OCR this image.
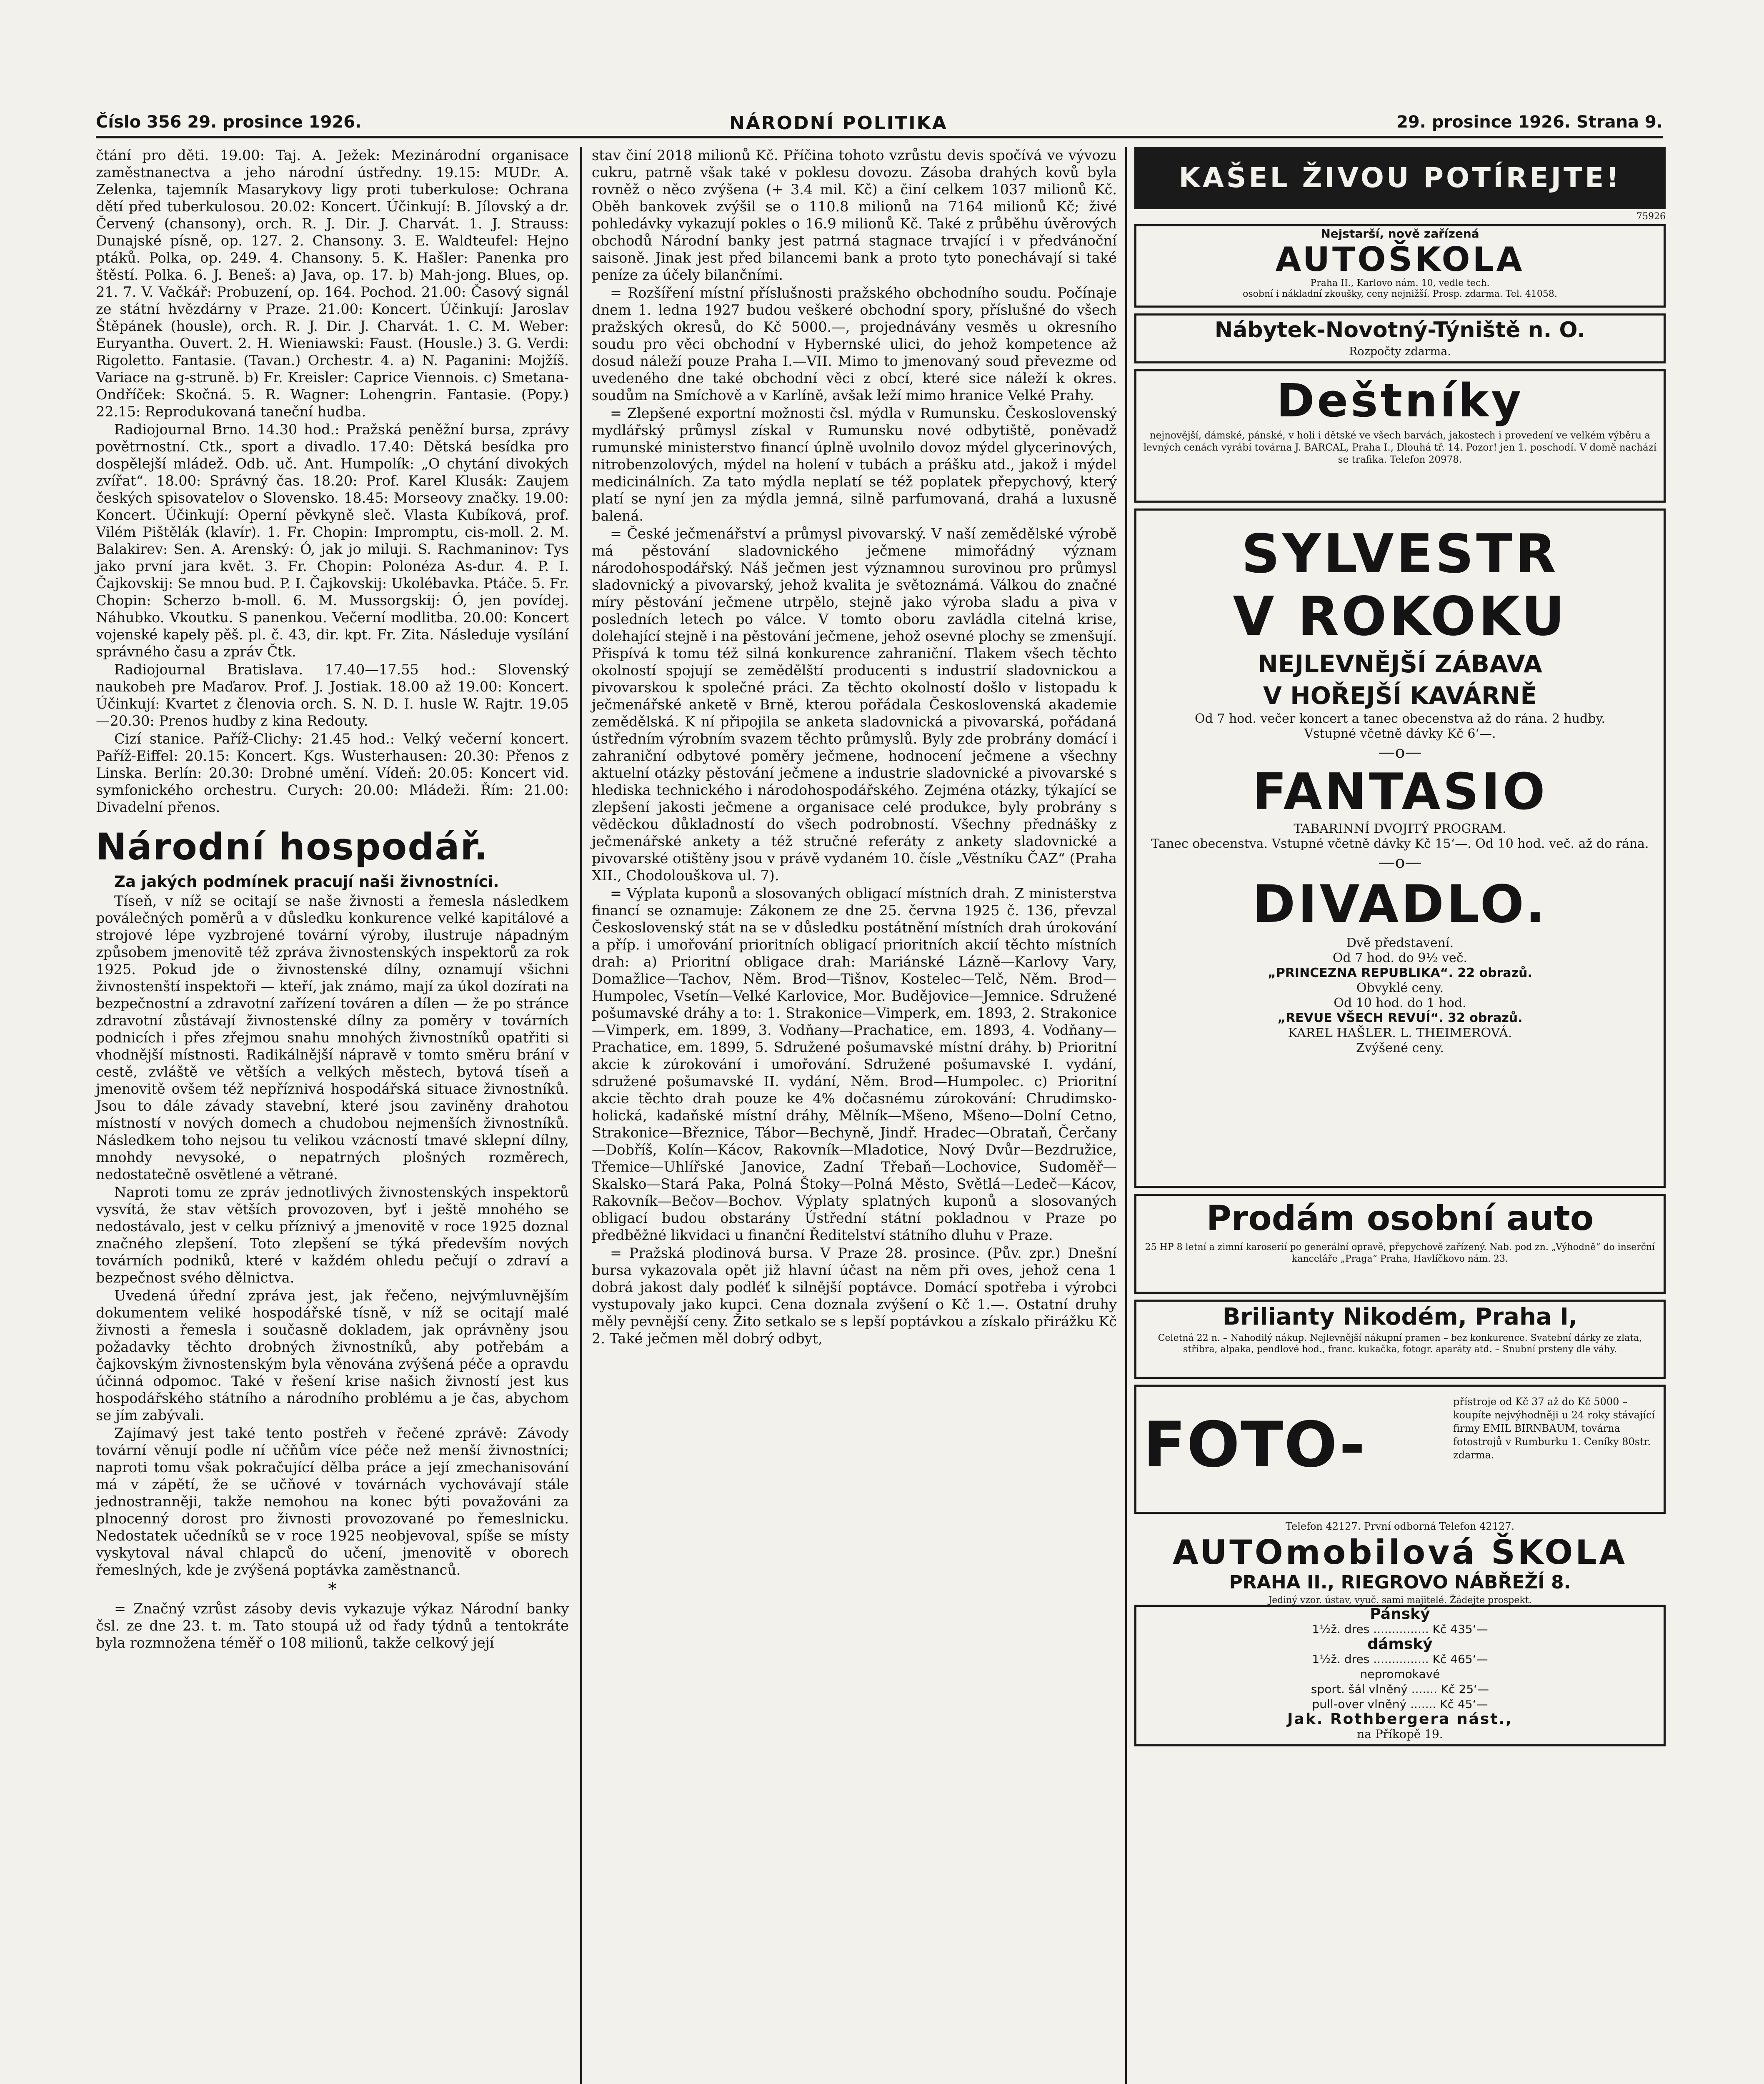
Číslo 356 29. prosince 1926.	NÁRODNÍ POLITIKA	29. prosince 1926. Strana 9.

čtání pro děti. 19.00: Taj. A. Ježek: Mezinárodní organisace zaměstnanectva a jeho národní ústředny. 19.15: MUDr. A. Zelenka, tajemník Masarykovy ligy proti tuberkulose: Ochrana dětí před tuberkulosou. 20.02: Koncert. Účinkují: B. Jílovský a dr. Červený (chansony), orch. R. J. Dir. J. Charvát. 1. J. Strauss: Dunajské písně, op. 127. 2. Chansony. 3. E. Waldteufel: Hejno ptáků. Polka, op. 249. 4. Chansony. 5. K. Hašler: Panenka pro štěstí. Polka. 6. J. Beneš: a) Java, op. 17. b) Mah-jong. Blues, op. 21. 7. V. Vačkář: Probuzení, op. 164. Pochod. 21.00: Časový signál ze státní hvězdárny v Praze. 21.00: Koncert. Účinkují: Jaroslav Štěpánek (housle), orch. R. J. Dir. J. Charvát. 1. C. M. Weber: Euryantha. Ouvert. 2. H. Wieniawski: Faust. (Housle.) 3. G. Verdi: Rigoletto. Fantasie. (Tavan.) Orchestr. 4. a) N. Paganini: Mojžíš. Variace na g-struně. b) Fr. Kreisler: Caprice Viennois. c) Smetana-Ondříček: Skočná. 5. R. Wagner: Lohengrin. Fantasie. (Popy.) 22.15: Reprodukovaná taneční hudba.

Radiojournal Brno. 14.30 hod.: Pražská peněžní bursa, zprávy povětrnostní. Ctk., sport a divadlo. 17.40: Dětská besídka pro dospělejší mládež. Odb. uč. Ant. Humpolík: „O chytání divokých zvířat“. 18.00: Správný čas. 18.20: Prof. Karel Klusák: Zaujem českých spisovatelov o Slovensko. 18.45: Morseovy značky. 19.00: Koncert. Účinkují: Operní pěvkyně sleč. Vlasta Kubíková, prof. Vilém Pištělák (klavír). 1. Fr. Chopin: Impromptu, cis-moll. 2. M. Balakirev: Sen. A. Arenský: Ó, jak jo miluji. S. Rachmaninov: Tys jako první jara květ. 3. Fr. Chopin: Polonéza As-dur. 4. P. I. Čajkovskij: Se mnou bud. P. I. Čajkovskij: Ukolébavka. Ptáče. 5. Fr. Chopin: Scherzo b-moll. 6. M. Mussorgskij: Ó, jen povídej. Náhubko. Vkoutku. S panenkou. Večerní modlitba. 20.00: Koncert vojenské kapely pěš. pl. č. 43, dir. kpt. Fr. Zita. Následuje vysílání správného času a zpráv Čtk.

Radiojournal Bratislava. 17.40—17.55 hod.: Slovenský naukobeh pre Maďarov. Prof. J. Jostiak. 18.00 až 19.00: Koncert. Účinkují: Kvartet z členovia orch. S. N. D. I. husle W. Rajtr. 19.05—20.30: Prenos hudby z kina Redouty.

Cizí stanice. Paříž-Clichy: 21.45 hod.: Velký večerní koncert. Paříž-Eiffel: 20.15: Koncert. Kgs. Wusterhausen: 20.30: Přenos z Linska. Berlín: 20.30: Drobné umění. Vídeň: 20.05: Koncert vid. symfonického orchestru. Curych: 20.00: Mládeži. Řím: 21.00: Divadelní přenos.

Národní hospodář.

Za jakých podmínek pracují naši živnostníci.

Tíseň, v níž se ocitají se naše živnosti a řemesla následkem poválečných poměrů a v důsledku konkurence velké kapitálové a strojové lépe vyzbrojené tovární výroby, ilustruje nápadným způsobem jmenovitě též zpráva živnostenských inspektorů za rok 1925. Pokud jde o živnostenské dílny, oznamují všichni živnostenští inspektoři — kteří, jak známo, mají za úkol dozírati na bezpečnostní a zdravotní zařízení továren a dílen — že po stránce zdravotní zůstávají živnostenské dílny za poměry v továrních podnicích i přes zřejmou snahu mnohých živnostníků opatřiti si vhodnější místnosti. Radikálnější nápravě v tomto směru brání v cestě, zvláště ve větších a velkých městech, bytová tíseň a jmenovitě ovšem též nepříznivá hospodářská situace živnostníků. Jsou to dále závady stavební, které jsou zaviněny drahotou místností v nových domech a chudobou nejmenších živnostníků. Následkem toho nejsou tu velikou vzácností tmavé sklepní dílny, mnohdy nevysoké, o nepatrných plošných rozměrech, nedostatečně osvětlené a větrané.

Naproti tomu ze zpráv jednotlivých živnostenských inspektorů vysvítá, že stav větších provozoven, byť i ještě mnohého se nedostávalo, jest v celku příznivý a jmenovitě v roce 1925 doznal značného zlepšení. Toto zlepšení se týká především nových továrních podniků, které v každém ohledu pečují o zdraví a bezpečnost svého dělnictva.

Uvedená úřední zpráva jest, jak řečeno, nejvýmluvnějším dokumentem veliké hospodářské tísně, v níž se ocitají malé živnosti a řemesla i současně dokladem, jak oprávněny jsou požadavky těchto drobných živnostníků, aby potřebám a čajkovským živnostenským byla věnována zvýšená péče a opravdu účinná odpomoc. Také v řešení krise našich živností jest kus hospodářského státního a národního problému a je čas, abychom se jím zabývali.

Zajímavý jest také tento postřeh v řečené zprávě: Závody tovární věnují podle ní učňům více péče než menší živnostníci; naproti tomu však pokračující dělba práce a její zmechanisování má v zápětí, že se učňové v továrnách vychovávají stále jednostranněji, takže nemohou na konec býti považováni za plnocenný dorost pro živnosti provozované po řemeslnicku. Nedostatek učedníků se v roce 1925 neobjevoval, spíše se místy vyskytoval nával chlapců do učení, jmenovitě v oborech řemeslných, kde je zvýšená poptávka zaměstnanců.

*

= Značný vzrůst zásoby devis vykazuje výkaz Národní banky čsl. ze dne 23. t. m. Tato stoupá už od řady týdnů a tentokráte byla rozmnožena téměř o 108 milionů, takže celkový její

stav činí 2018 milionů Kč. Příčina tohoto vzrůstu devis spočívá ve vývozu cukru, patrně však také v poklesu dovozu. Zásoba drahých kovů byla rovněž o něco zvýšena (+ 3.4 mil. Kč) a činí celkem 1037 milionů Kč. Oběh bankovek zvýšil se o 110.8 milionů na 7164 milionů Kč; živé pohledávky vykazují pokles o 16.9 milionů Kč. Také z průběhu úvěrových obchodů Národní banky jest patrná stagnace trvající i v předvánoční saisoně. Jinak jest před bilancemi bank a proto tyto ponechávají si také peníze za účely bilančními.

= Rozšíření místní příslušnosti pražského obchodního soudu. Počínaje dnem 1. ledna 1927 budou veškeré obchodní spory, příslušné do všech pražských okresů, do Kč 5000.—, projednávány vesměs u okresního soudu pro věci obchodní v Hybernské ulici, do jehož kompetence až dosud náleží pouze Praha I.—VII. Mimo to jmenovaný soud převezme od uvedeného dne také obchodní věci z obcí, které sice náleží k okres. soudům na Smíchově a v Karlíně, avšak leží mimo hranice Velké Prahy.

= Zlepšené exportní možnosti čsl. mýdla v Rumunsku. Československý mydlářský průmysl získal v Rumunsku nové odbytiště, poněvadž rumunské ministerstvo financí úplně uvolnilo dovoz mýdel glycerinových, nitrobenzolových, mýdel na holení v tubách a prášku atd., jakož i mýdel medicinálních. Za tato mýdla neplatí se též poplatek přepychový, který platí se nyní jen za mýdla jemná, silně parfumovaná, drahá a luxusně balená.

= České ječmenářství a průmysl pivovarský. V naší zemědělské výrobě má pěstování sladovnického ječmene mimořádný význam národohospodářský. Náš ječmen jest významnou surovinou pro průmysl sladovnický a pivovarský, jehož kvalita je světoznámá. Válkou do značné míry pěstování ječmene utrpělo, stejně jako výroba sladu a piva v posledních letech po válce. V tomto oboru zavládla citelná krise, dolehající stejně i na pěstování ječmene, jehož osevné plochy se zmenšují. Přispívá k tomu též silná konkurence zahraniční. Tlakem všech těchto okolností spojují se zemědělští producenti s industrií sladovnickou a pivovarskou k společné práci. Za těchto okolností došlo v listopadu k ječmenářské anketě v Brně, kterou pořádala Československá akademie zemědělská. K ní připojila se anketa sladovnická a pivovarská, pořádaná ústředním výrobním svazem těchto průmyslů. Byly zde probrány domácí i zahraniční odbytové poměry ječmene, hodnocení ječmene a všechny aktuelní otázky pěstování ječmene a industrie sladovnické a pivovarské s hlediska technického i národohospodářského. Zejména otázky, týkající se zlepšení jakosti ječmene a organisace celé produkce, byly probrány s věděckou důkladností do všech podrobností. Všechny přednášky z ječmenářské ankety a též stručné referáty z ankety sladovnické a pivovarské otištěny jsou v právě vydaném 10. čísle „Věstníku ČAZ“ (Praha XII., Chodolouškova ul. 7).

= Výplata kuponů a slosovaných obligací místních drah. Z ministerstva financí se oznamuje: Zákonem ze dne 25. června 1925 č. 136, převzal Československý stát na se v důsledku postátnění místních drah úrokování a příp. i umořování prioritních obligací prioritních akcií těchto místních drah: a) Prioritní obligace drah: Mariánské Lázně—Karlovy Vary, Domažlice—Tachov, Něm. Brod—Tišnov, Kostelec—Telč, Něm. Brod—Humpolec, Vsetín—Velké Karlovice, Mor. Budějovice—Jemnice. Sdružené pošumavské dráhy a to: 1. Strakonice—Vimperk, em. 1893, 2. Strakonice—Vimperk, em. 1899, 3. Vodňany—Prachatice, em. 1893, 4. Vodňany—Prachatice, em. 1899, 5. Sdružené pošumavské místní dráhy. b) Prioritní akcie k zúrokování i umořování. Sdružené pošumavské I. vydání, sdružené pošumavské II. vydání, Něm. Brod—Humpolec. c) Prioritní akcie těchto drah pouze ke 4% dočasnému zúrokování: Chrudimsko-holická, kadaňské místní dráhy, Mělník—Mšeno, Mšeno—Dolní Cetno, Strakonice—Březnice, Tábor—Bechyně, Jindř. Hradec—Obrataň, Čerčany—Dobříš, Kolín—Kácov, Rakovník—Mladotice, Nový Dvůr—Bezdružice, Třemice—Uhlířské Janovice, Zadní Třebaň—Lochovice, Sudoměř—Skalsko—Stará Paka, Polná Štoky—Polná Město, Světlá—Ledeč—Kácov, Rakovník—Bečov—Bochov. Výplaty splatných kuponů a slosovaných obligací budou obstarány Ústřední státní pokladnou v Praze po předběžné likvidaci u finanční Ředitelství státního dluhu v Praze.

= Pražská plodinová bursa. V Praze 28. prosince. (Pův. zpr.) Dnešní bursa vykazovala opět již hlavní účast na něm při oves, jehož cena 1 dobrá jakost daly podléť k silnější poptávce. Domácí spotřeba i výrobci vystupovaly jako kupci. Cena doznala zvýšení o Kč 1.—. Ostatní druhy měly pevnější ceny. Žito setkalo se s lepší poptávkou a získalo přirážku Kč 2. Také ječmen měl dobrý odbyt,

KAŠEL ŽIVOU POTÍREJTE!
75926
Nejstarší, nově zařízená
AUTOŠKOLA
Praha II., Karlovo nám. 10, vedle tech.
osobní i nákladní zkoušky, ceny nejnižší. Prosp. zdarma. Tel. 41058.
Nábytek-Novotný-Týniště n. O.
Rozpočty zdarma.
Deštníky
nejnovější, dámské, pánské, v holi i dětské ve všech barvách, jakostech i provedení ve velkém výběru a levných cenách vyrábí továrna J. BARCAL, Praha I., Dlouhá tř. 14. Pozor! jen 1. poschodí. V domě nachází se trafika. Telefon 20978.
SYLVESTR
V ROKOKU
NEJLEVNĚJŠÍ ZÁBAVA
V HOŘEJŠÍ KAVÁRNĚ
Od 7 hod. večer koncert a tanec obecenstva až do rána. 2 hudby.
Vstupné včetně dávky Kč 6‘—.
—o—
FANTASIO
TABARINNÍ DVOJITÝ PROGRAM.
Tanec obecenstva. Vstupné včetně dávky Kč 15‘—. Od 10 hod. več. až do rána.
—o—
DIVADLO.
Dvě představení.
Od 7 hod. do 9½ več.
„PRINCEZNA REPUBLIKA“. 22 obrazů.
Obvyklé ceny.
Od 10 hod. do 1 hod.
„REVUE VŠECH REVUÍ“. 32 obrazů.
KAREL HAŠLER. L. THEIMEROVÁ.
Zvýšené ceny.
Prodám osobní auto
25 HP 8 letní a zimní karoserií po generální opravě, přepychově zařízený. Nab. pod zn. „Výhodně“ do inserční kanceláře „Praga“ Praha, Havlíčkovo nám. 23.
Brilianty Nikodém, Praha I,
Celetná 22 n. – Nahodilý nákup. Nejlevnější nákupní pramen – bez konkurence. Svatební dárky ze zlata, stříbra, alpaka, pendlové hod., franc. kukačka, fotogr. aparáty atd. – Snubní prsteny dle váhy.
FOTO-
přístroje od Kč 37 až do Kč 5000 – koupíte nejvýhodněji u 24 roky stávající firmy EMIL BIRNBAUM, továrna fotostrojů v Rumburku 1. Ceníky 80str. zdarma.
Telefon 42127. První odborná Telefon 42127.
AUTOmobilová ŠKOLA
PRAHA II., RIEGROVO NÁBŘEŽÍ 8.
Jediný vzor. ústav, vyuč. sami majitelé. Žádejte prospekt.
Pánský
1½ž. dres ............... Kč 435‘—
dámský
1½ž. dres ............... Kč 465‘—
nepromokavé
sport. šál vlněný ....... Kč 25‘—
pull-over vlněný ....... Kč 45‘—
Jak. Rothbergera nást.,
na Příkopě 19.
